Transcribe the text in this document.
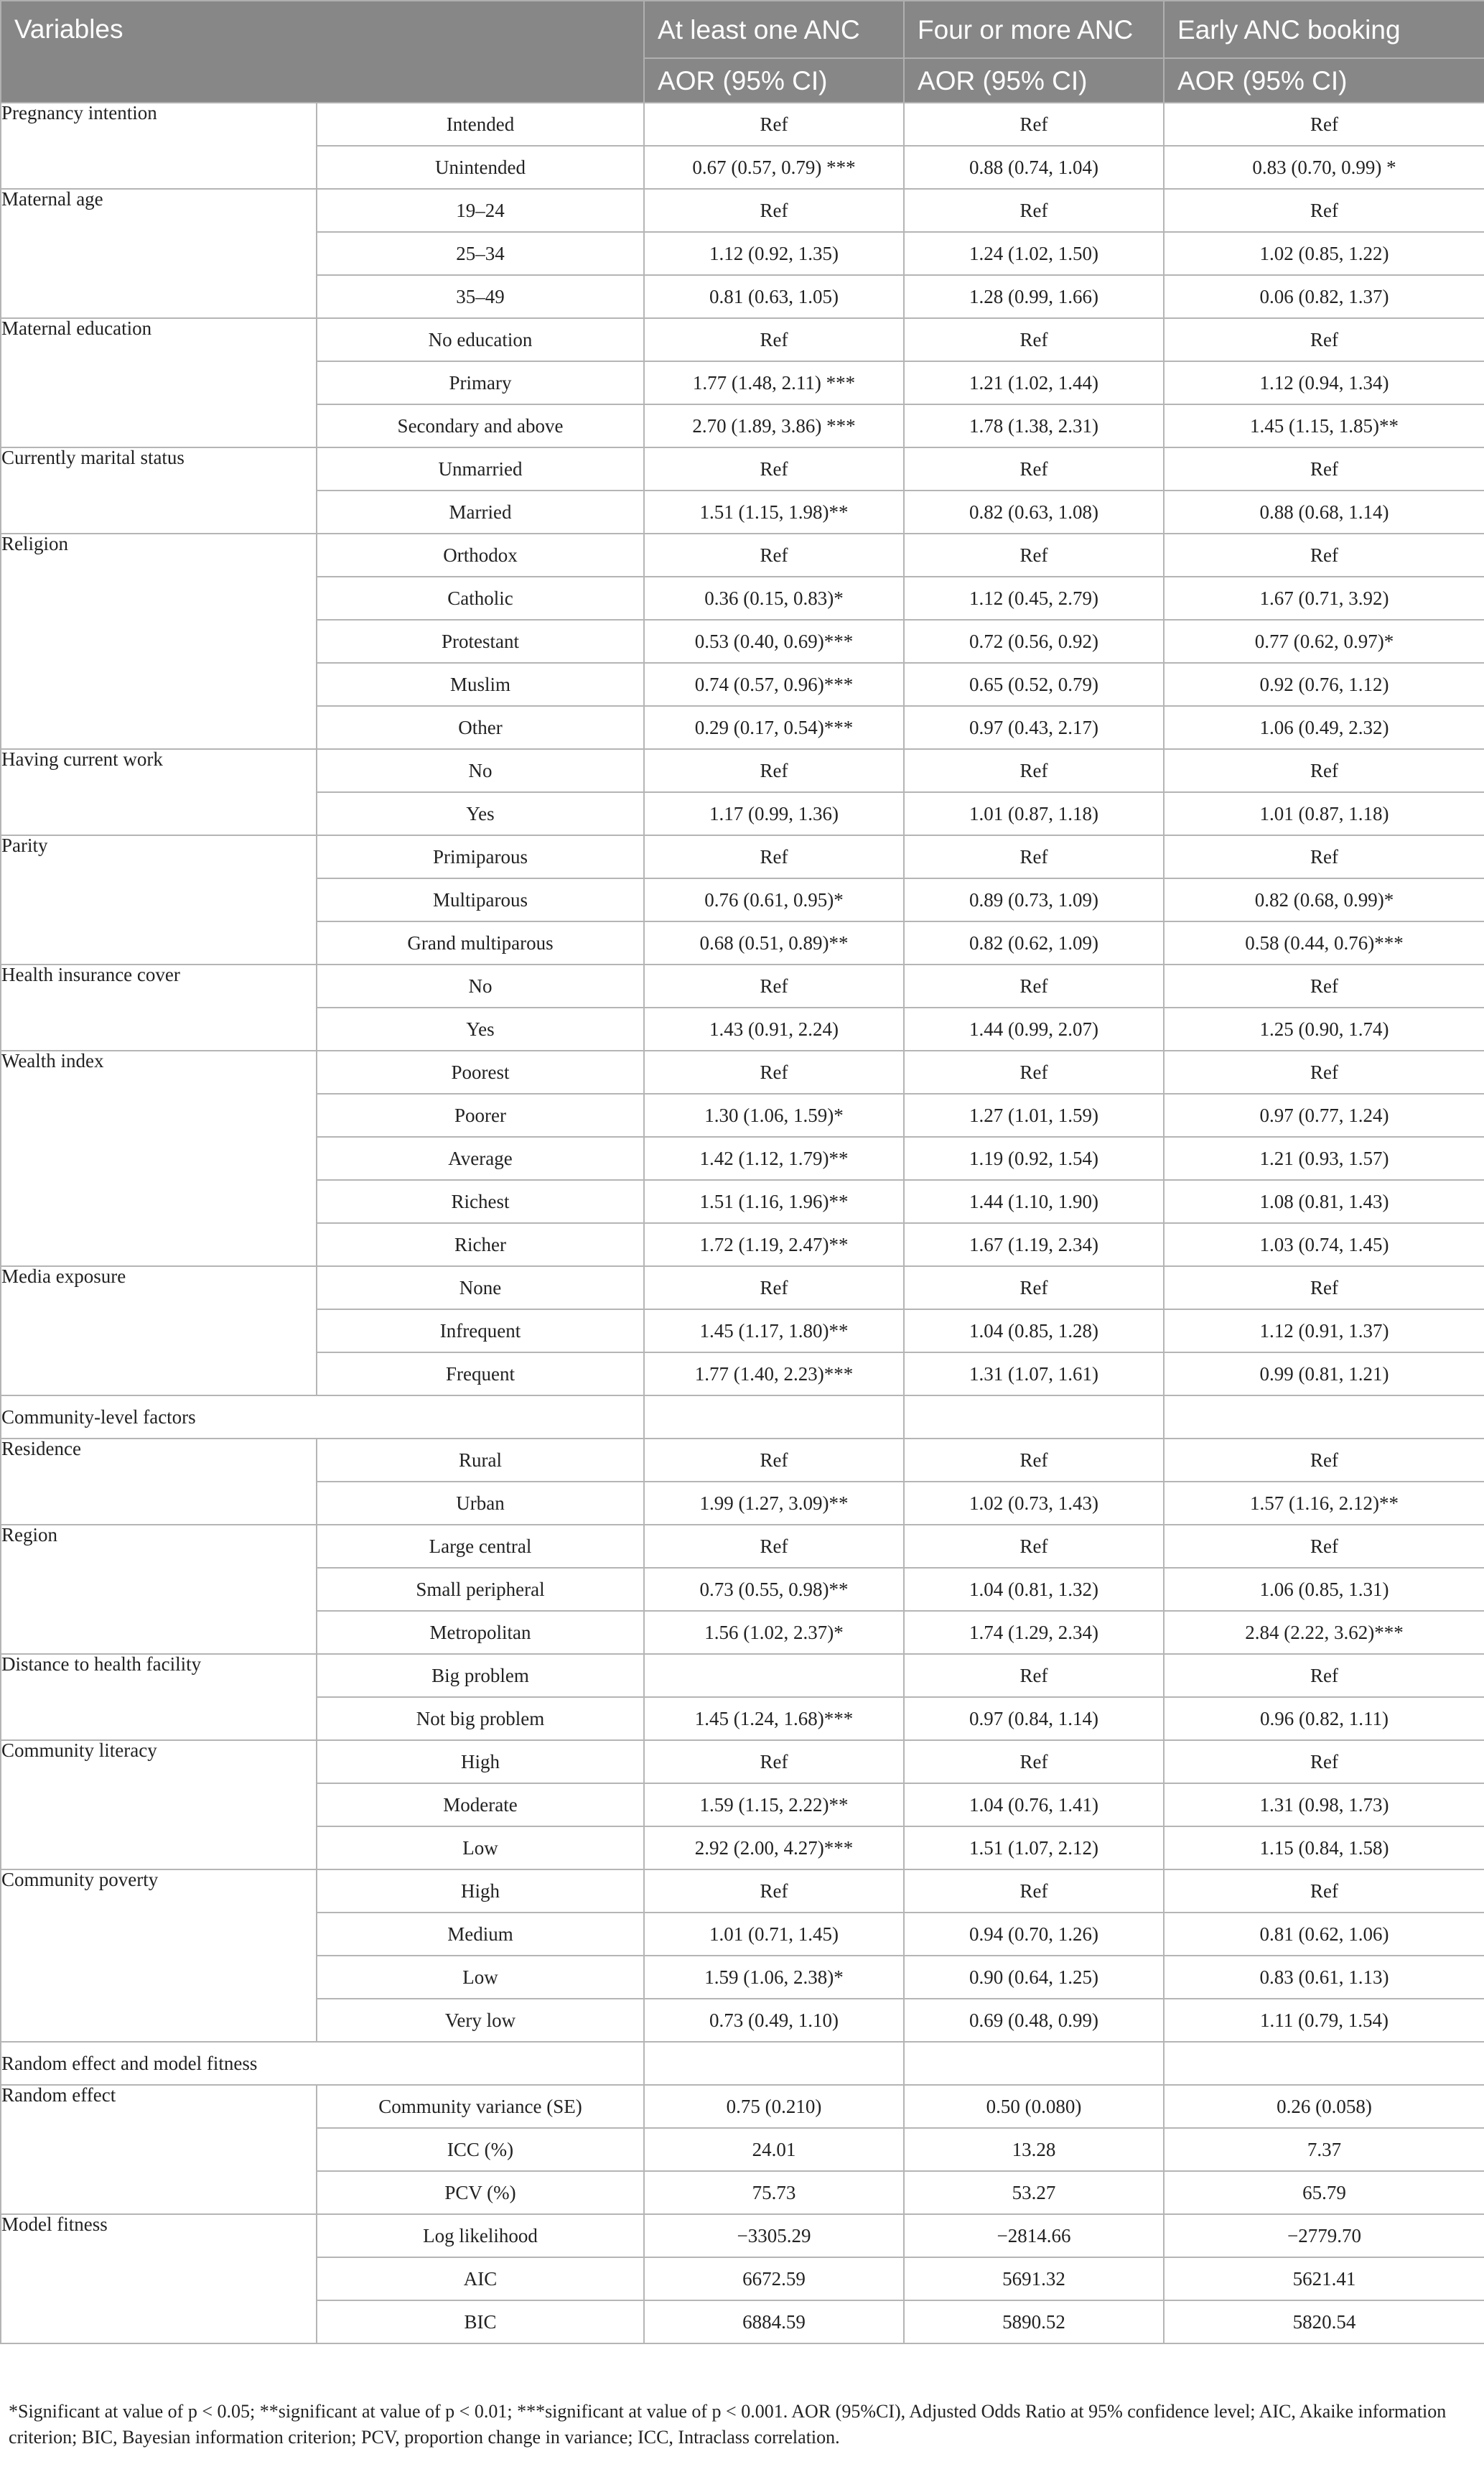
Variables		At least one ANC	Four or more ANC	Early ANC booking
		AOR (95% CI)	AOR (95% CI)	AOR (95% CI)
Pregnancy intention	Intended	Ref	Ref	Ref
	Unintended	0.67 (0.57, 0.79) ***	0.88 (0.74, 1.04)	0.83 (0.70, 0.99) *
Maternal age	19–24	Ref	Ref	Ref
	25–34	1.12 (0.92, 1.35)	1.24 (1.02, 1.50)	1.02 (0.85, 1.22)
	35–49	0.81 (0.63, 1.05)	1.28 (0.99, 1.66)	0.06 (0.82, 1.37)
Maternal education	No education	Ref	Ref	Ref
	Primary	1.77 (1.48, 2.11) ***	1.21 (1.02, 1.44)	1.12 (0.94, 1.34)
	Secondary and above	2.70 (1.89, 3.86) ***	1.78 (1.38, 2.31)	1.45 (1.15, 1.85)**
Currently marital status	Unmarried	Ref	Ref	Ref
	Married	1.51 (1.15, 1.98)**	0.82 (0.63, 1.08)	0.88 (0.68, 1.14)
Religion	Orthodox	Ref	Ref	Ref
	Catholic	0.36 (0.15, 0.83)*	1.12 (0.45, 2.79)	1.67 (0.71, 3.92)
	Protestant	0.53 (0.40, 0.69)***	0.72 (0.56, 0.92)	0.77 (0.62, 0.97)*
	Muslim	0.74 (0.57, 0.96)***	0.65 (0.52, 0.79)	0.92 (0.76, 1.12)
	Other	0.29 (0.17, 0.54)***	0.97 (0.43, 2.17)	1.06 (0.49, 2.32)
Having current work	No	Ref	Ref	Ref
	Yes	1.17 (0.99, 1.36)	1.01 (0.87, 1.18)	1.01 (0.87, 1.18)
Parity	Primiparous	Ref	Ref	Ref
	Multiparous	0.76 (0.61, 0.95)*	0.89 (0.73, 1.09)	0.82 (0.68, 0.99)*
	Grand multiparous	0.68 (0.51, 0.89)**	0.82 (0.62, 1.09)	0.58 (0.44, 0.76)***
Health insurance cover	No	Ref	Ref	Ref
	Yes	1.43 (0.91, 2.24)	1.44 (0.99, 2.07)	1.25 (0.90, 1.74)
Wealth index	Poorest	Ref	Ref	Ref
	Poorer	1.30 (1.06, 1.59)*	1.27 (1.01, 1.59)	0.97 (0.77, 1.24)
	Average	1.42 (1.12, 1.79)**	1.19 (0.92, 1.54)	1.21 (0.93, 1.57)
	Richest	1.51 (1.16, 1.96)**	1.44 (1.10, 1.90)	1.08 (0.81, 1.43)
	Richer	1.72 (1.19, 2.47)**	1.67 (1.19, 2.34)	1.03 (0.74, 1.45)
Media exposure	None	Ref	Ref	Ref
	Infrequent	1.45 (1.17, 1.80)**	1.04 (0.85, 1.28)	1.12 (0.91, 1.37)
	Frequent	1.77 (1.40, 2.23)***	1.31 (1.07, 1.61)	0.99 (0.81, 1.21)
Community-level factors				
Residence	Rural	Ref	Ref	Ref
	Urban	1.99 (1.27, 3.09)**	1.02 (0.73, 1.43)	1.57 (1.16, 2.12)**
Region	Large central	Ref	Ref	Ref
	Small peripheral	0.73 (0.55, 0.98)**	1.04 (0.81, 1.32)	1.06 (0.85, 1.31)
	Metropolitan	1.56 (1.02, 2.37)*	1.74 (1.29, 2.34)	2.84 (2.22, 3.62)***
Distance to health facility	Big problem		Ref	Ref
	Not big problem	1.45 (1.24, 1.68)***	0.97 (0.84, 1.14)	0.96 (0.82, 1.11)
Community literacy	High	Ref	Ref	Ref
	Moderate	1.59 (1.15, 2.22)**	1.04 (0.76, 1.41)	1.31 (0.98, 1.73)
	Low	2.92 (2.00, 4.27)***	1.51 (1.07, 2.12)	1.15 (0.84, 1.58)
Community poverty	High	Ref	Ref	Ref
	Medium	1.01 (0.71, 1.45)	0.94 (0.70, 1.26)	0.81 (0.62, 1.06)
	Low	1.59 (1.06, 2.38)*	0.90 (0.64, 1.25)	0.83 (0.61, 1.13)
	Very low	0.73 (0.49, 1.10)	0.69 (0.48, 0.99)	1.11 (0.79, 1.54)
Random effect and model fitness				
Random effect	Community variance (SE)	0.75 (0.210)	0.50 (0.080)	0.26 (0.058)
	ICC (%)	24.01	13.28	7.37
	PCV (%)	75.73	53.27	65.79
Model fitness	Log likelihood	−3305.29	−2814.66	−2779.70
	AIC	6672.59	5691.32	5621.41
	BIC	6884.59	5890.52	5820.54
*Significant at value of p < 0.05; **significant at value of p < 0.01; ***significant at value of p < 0.001. AOR (95%CI), Adjusted Odds Ratio at 95% confidence level; AIC, Akaike information criterion; BIC, Bayesian information criterion; PCV, proportion change in variance; ICC, Intraclass correlation.
